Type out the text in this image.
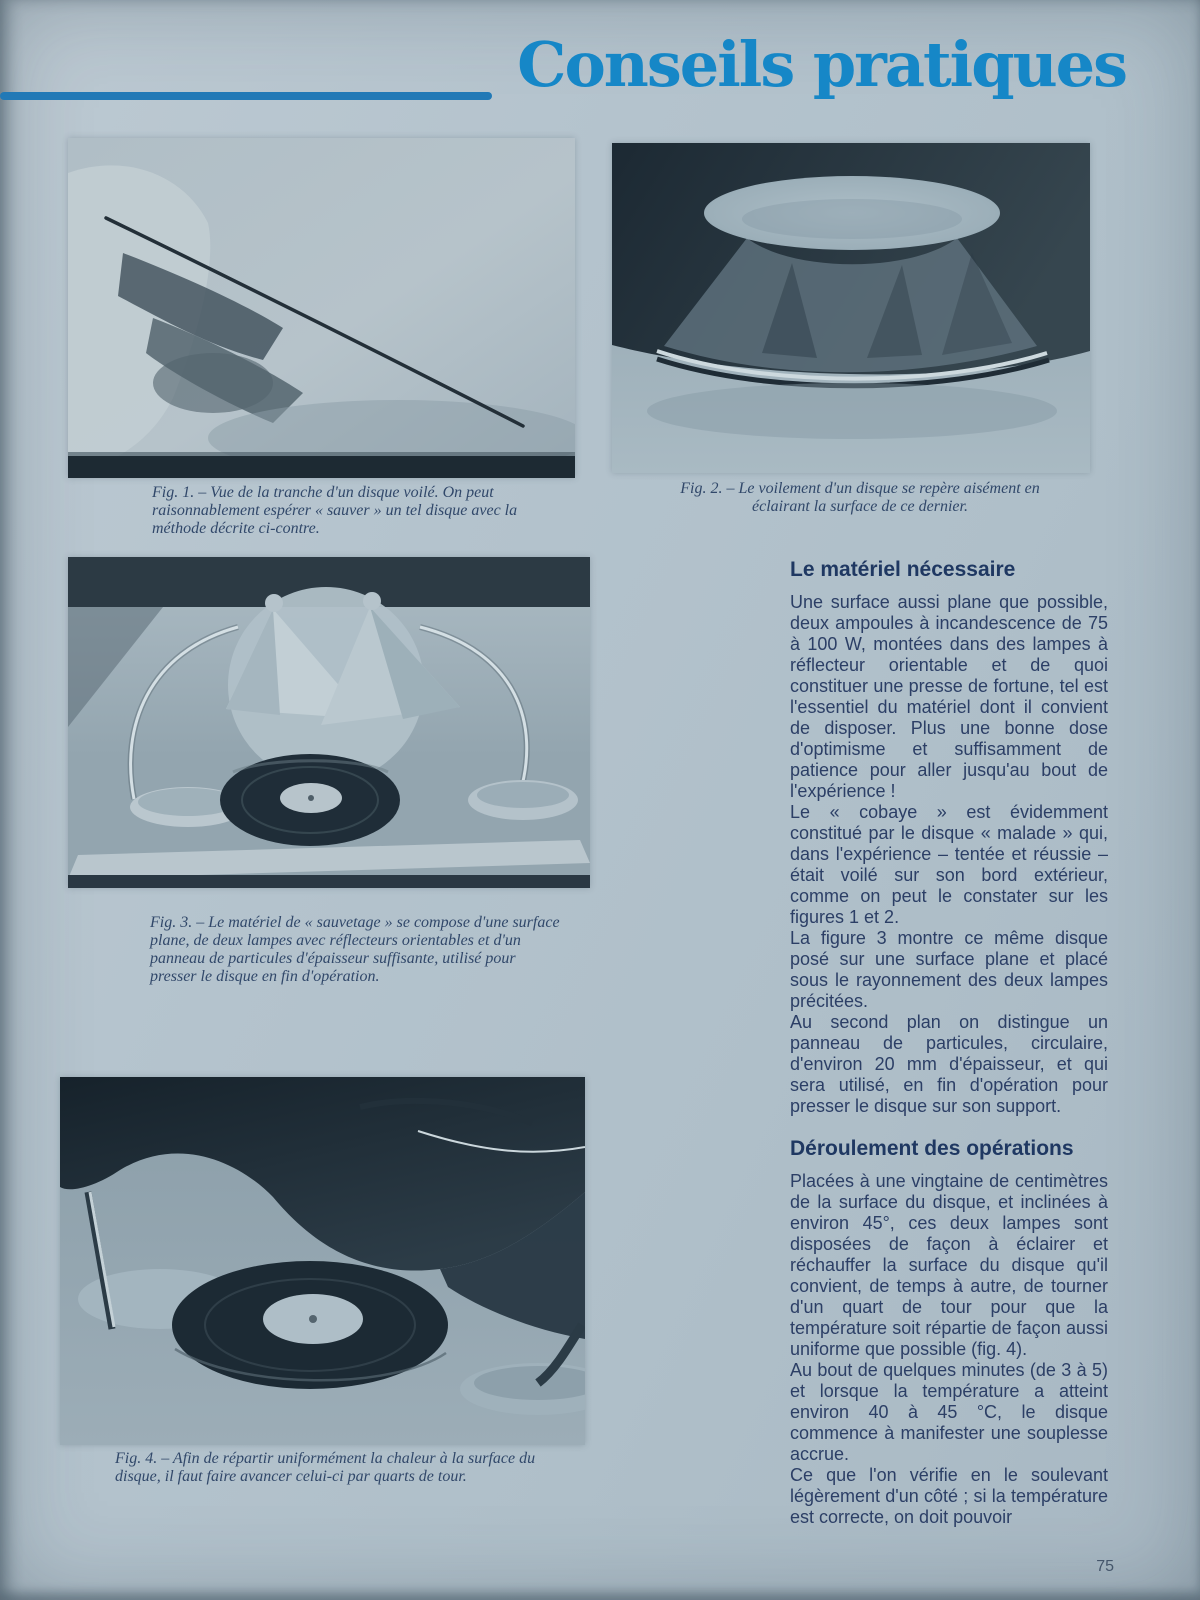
Conseils pratiques
Fig. 1. – Vue de la tranche d'un disque voilé. On peut raisonnablement espérer « sauver » un tel disque avec la méthode décrite ci-contre.
Fig. 2. – Le voilement d'un disque se repère aisément en éclairant la surface de ce dernier.
Fig. 3. – Le matériel de « sauvetage » se compose d'une surface plane, de deux lampes avec réflecteurs orientables et d'un panneau de particules d'épaisseur suffisante, utilisé pour presser le disque en fin d'opération.
Fig. 4. – Afin de répartir uniformément la chaleur à la surface du disque, il faut faire avancer celui-ci par quarts de tour.
Le matériel nécessaire

Une surface aussi plane que possible, deux ampoules à incandescence de 75 à 100 W, montées dans des lampes à réflecteur orientable et de quoi constituer une presse de fortune, tel est l'essentiel du matériel dont il convient de disposer. Plus une bonne dose d'optimisme et suffisamment de patience pour aller jusqu'au bout de l'expérience !

Le « cobaye » est évidemment constitué par le disque « malade » qui, dans l'expérience – tentée et réussie – était voilé sur son bord extérieur, comme on peut le constater sur les figures 1 et 2.

La figure 3 montre ce même disque posé sur une surface plane et placé sous le rayonnement des deux lampes précitées.

Au second plan on distingue un panneau de particules, circulaire, d'environ 20 mm d'épaisseur, et qui sera utilisé, en fin d'opération pour presser le disque sur son support.

Déroulement des opérations

Placées à une vingtaine de centimètres de la surface du disque, et inclinées à environ 45°, ces deux lampes sont disposées de façon à éclairer et réchauffer la surface du disque qu'il convient, de temps à autre, de tourner d'un quart de tour pour que la température soit répartie de façon aussi uniforme que possible (fig. 4).

Au bout de quelques minutes (de 3 à 5) et lorsque la température a atteint environ 40 à 45 °C, le disque commence à manifester une souplesse accrue.

Ce que l'on vérifie en le soulevant légèrement d'un côté ; si la température est correcte, on doit pouvoir

75
